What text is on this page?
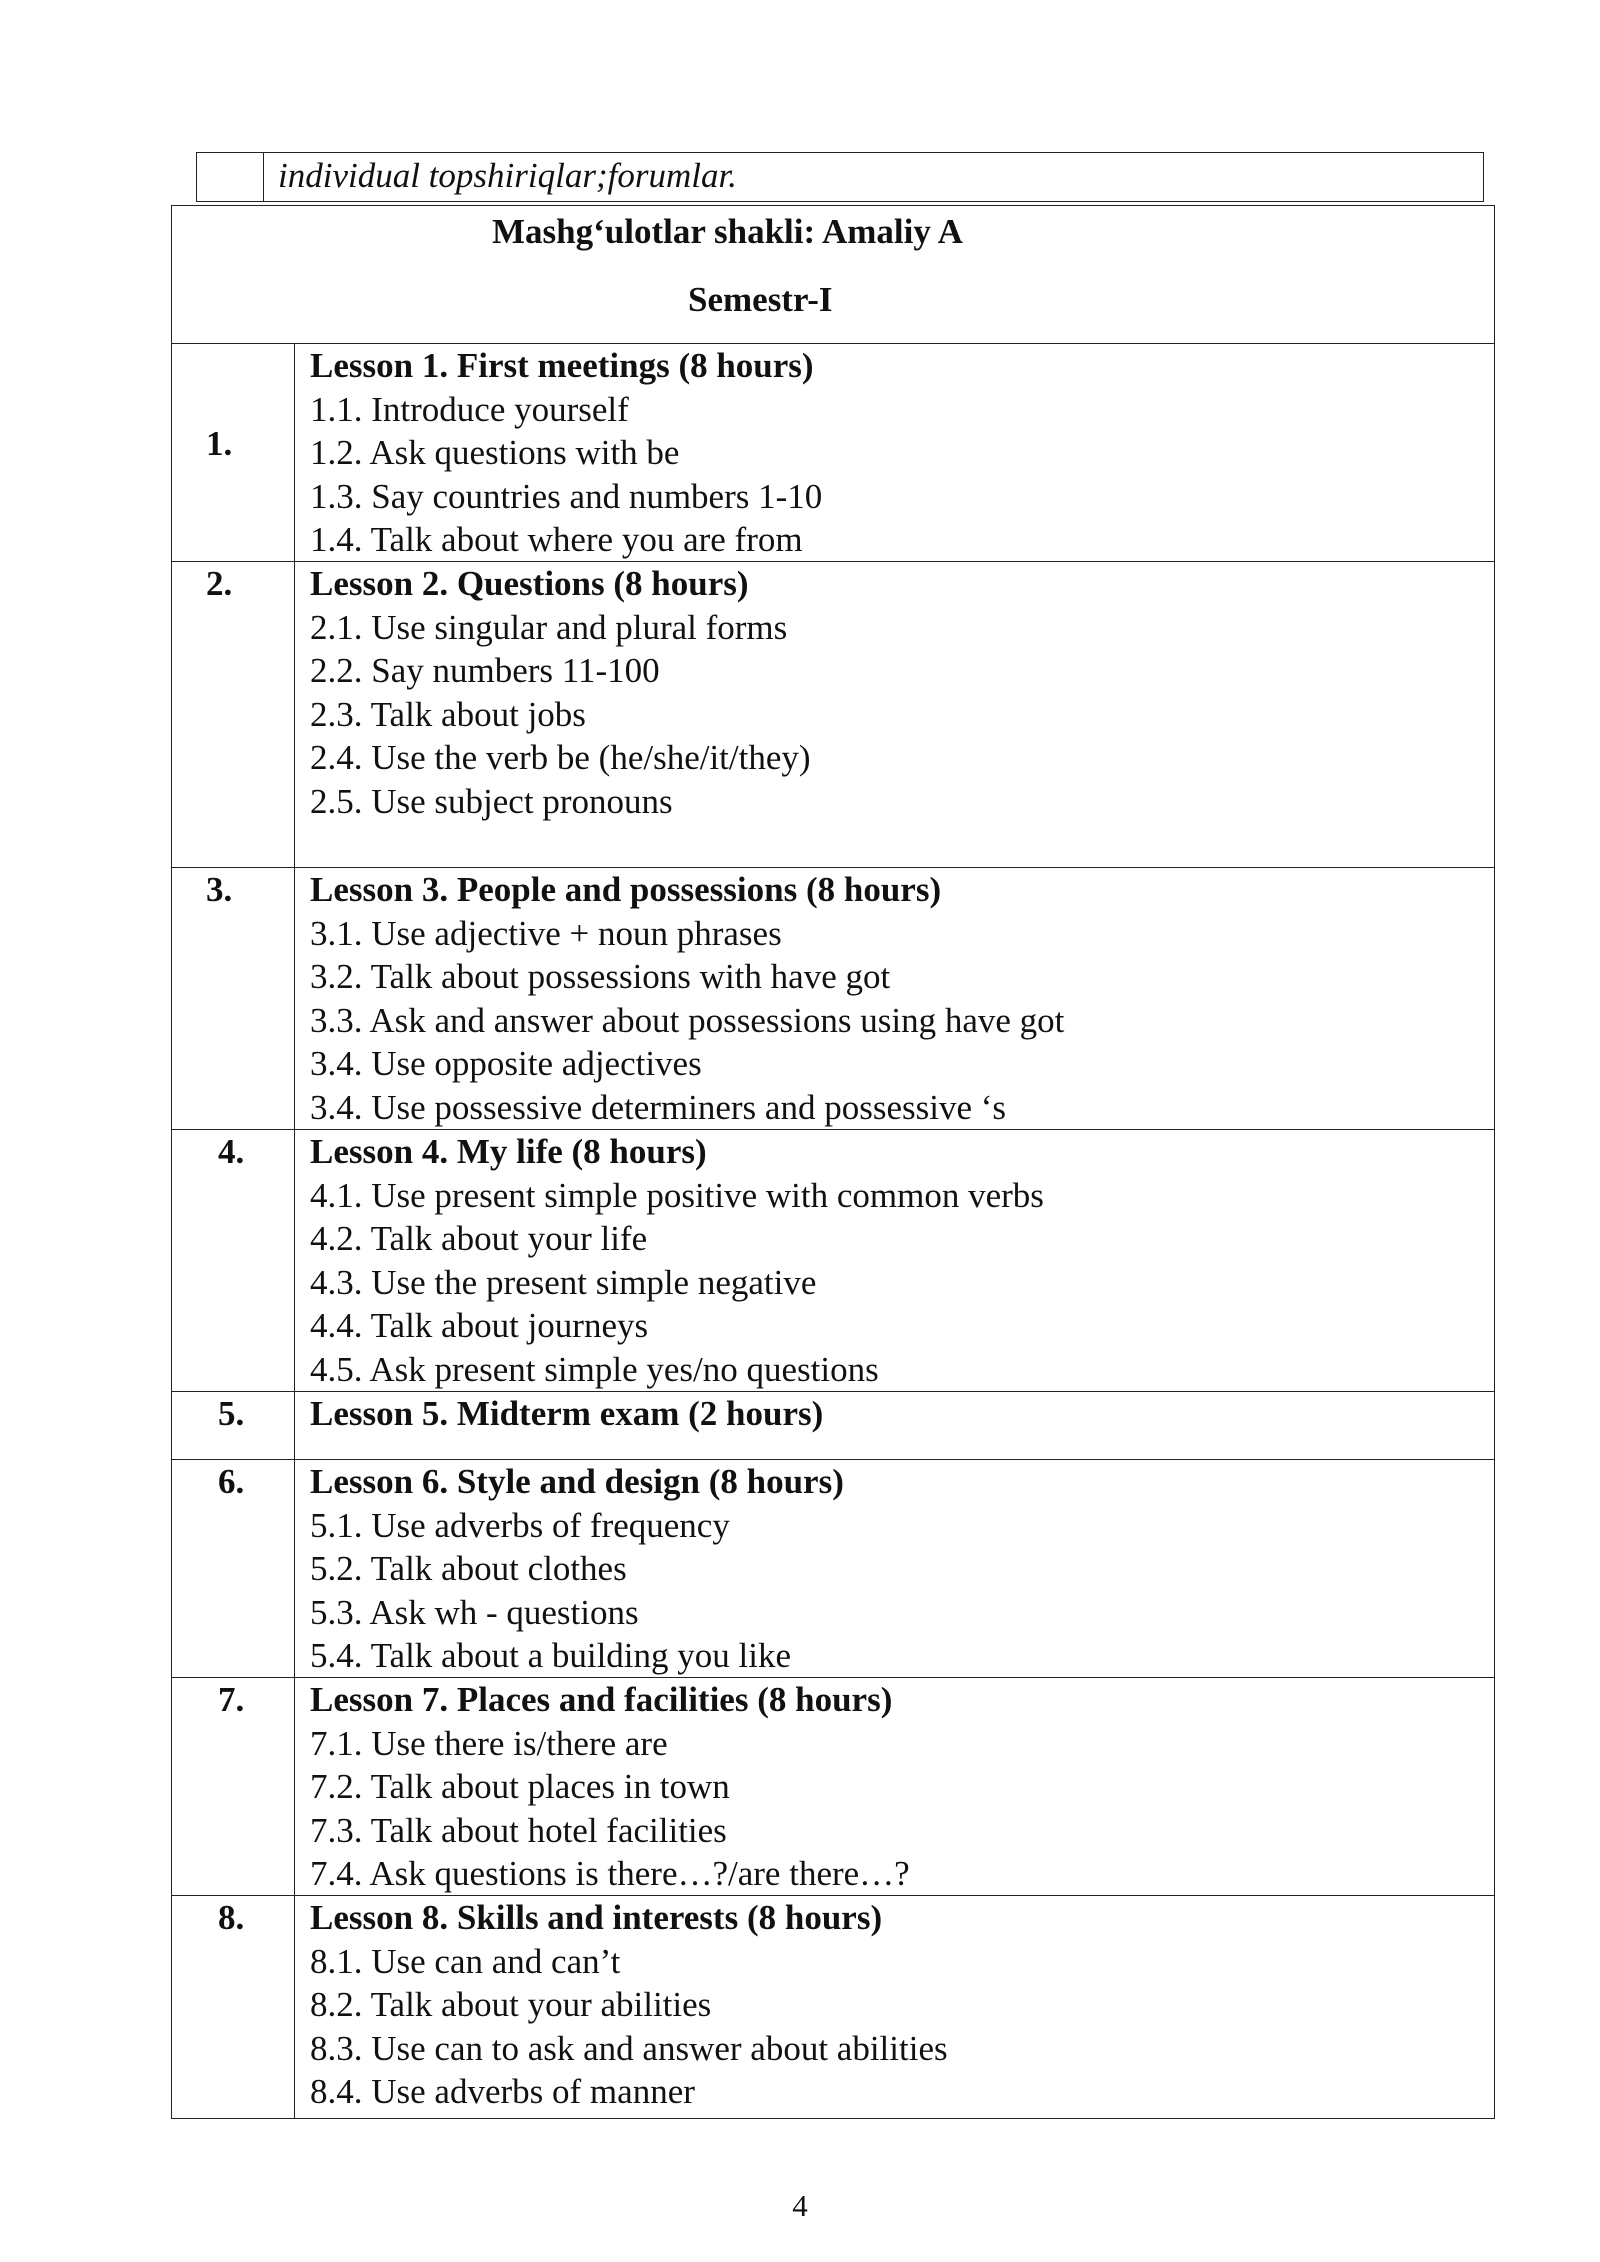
individual topshiriqlar;forumlar.
Mashg‘ulotlar shakli: Amaliy A
Semestr-I
1.
Lesson 1. First meetings (8 hours)
1.1. Introduce yourself
1.2. Ask questions with be
1.3. Say countries and numbers 1-10
1.4. Talk about where you are from
2. Lesson 2. Questions (8 hours)
2.1. Use singular and plural forms
2.2. Say numbers 11-100
2.3. Talk about jobs
2.4. Use the verb be (he/she/it/they)
2.5. Use subject pronouns
3. Lesson 3. People and possessions (8 hours)
3.1. Use adjective + noun phrases
3.2. Talk about possessions with have got
3.3. Ask and answer about possessions using have got
3.4. Use opposite adjectives
3.4. Use possessive determiners and possessive ‘s
4. Lesson 4. My life (8 hours)
4.1. Use present simple positive with common verbs
4.2. Talk about your life
4.3. Use the present simple negative
4.4. Talk about journeys
4.5. Ask present simple yes/no questions
5. Lesson 5. Midterm exam (2 hours)
6. Lesson 6. Style and design (8 hours)
5.1. Use adverbs of frequency
5.2. Talk about clothes
5.3. Ask wh - questions
5.4. Talk about a building you like
7. Lesson 7. Places and facilities (8 hours)
7.1. Use there is/there are
7.2. Talk about places in town
7.3. Talk about hotel facilities
7.4. Ask questions is there…?/are there…?
8. Lesson 8. Skills and interests (8 hours)
8.1. Use can and can’t
8.2. Talk about your abilities
8.3. Use can to ask and answer about abilities
8.4. Use adverbs of manner
4
